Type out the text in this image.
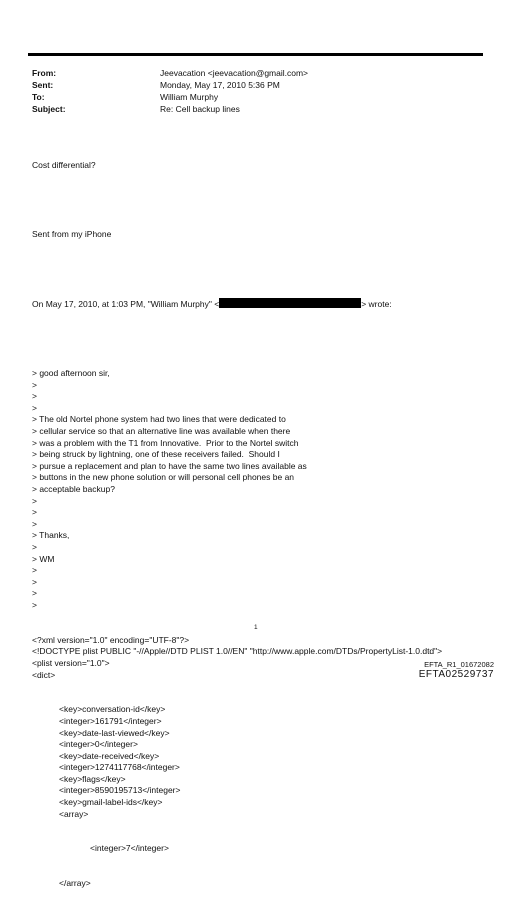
From:	Jeevacation <jeevacation@gmail.com>
Sent:	Monday, May 17, 2010 5:36 PM
To:	William Murphy
Subject:	Re: Cell backup lines

Cost differential?

Sent from my iPhone

On May 17, 2010, at 1:03 PM, "William Murphy" <	> wrote:

> good afternoon sir,
>
>
>
> The old Nortel phone system had two lines that were dedicated to
> cellular service so that an alternative line was available when there
> was a problem with the T1 from Innovative.  Prior to the Nortel switch
> being struck by lightning, one of these receivers failed.  Should I
> pursue a replacement and plan to have the same two lines available as
> buttons in the new phone solution or will personal cell phones be an
> acceptable backup?
>
>
>
> Thanks,
>
> WM
>
>
>
>

<?xml version="1.0" encoding="UTF-8"?>
<!DOCTYPE plist PUBLIC "-//Apple//DTD PLIST 1.0//EN" "http://www.apple.com/DTDs/PropertyList-1.0.dtd">
<plist version="1.0">
<dict>

<key>conversation-id</key>
<integer>161791</integer>
<key>date-last-viewed</key>
<integer>0</integer>
<key>date-received</key>
<integer>1274117768</integer>
<key>flags</key>
<integer>8590195713</integer>
<key>gmail-label-ids</key>
<array>

<integer>7</integer>

</array>

1
EFTA_R1_01672082
EFTA02529737
